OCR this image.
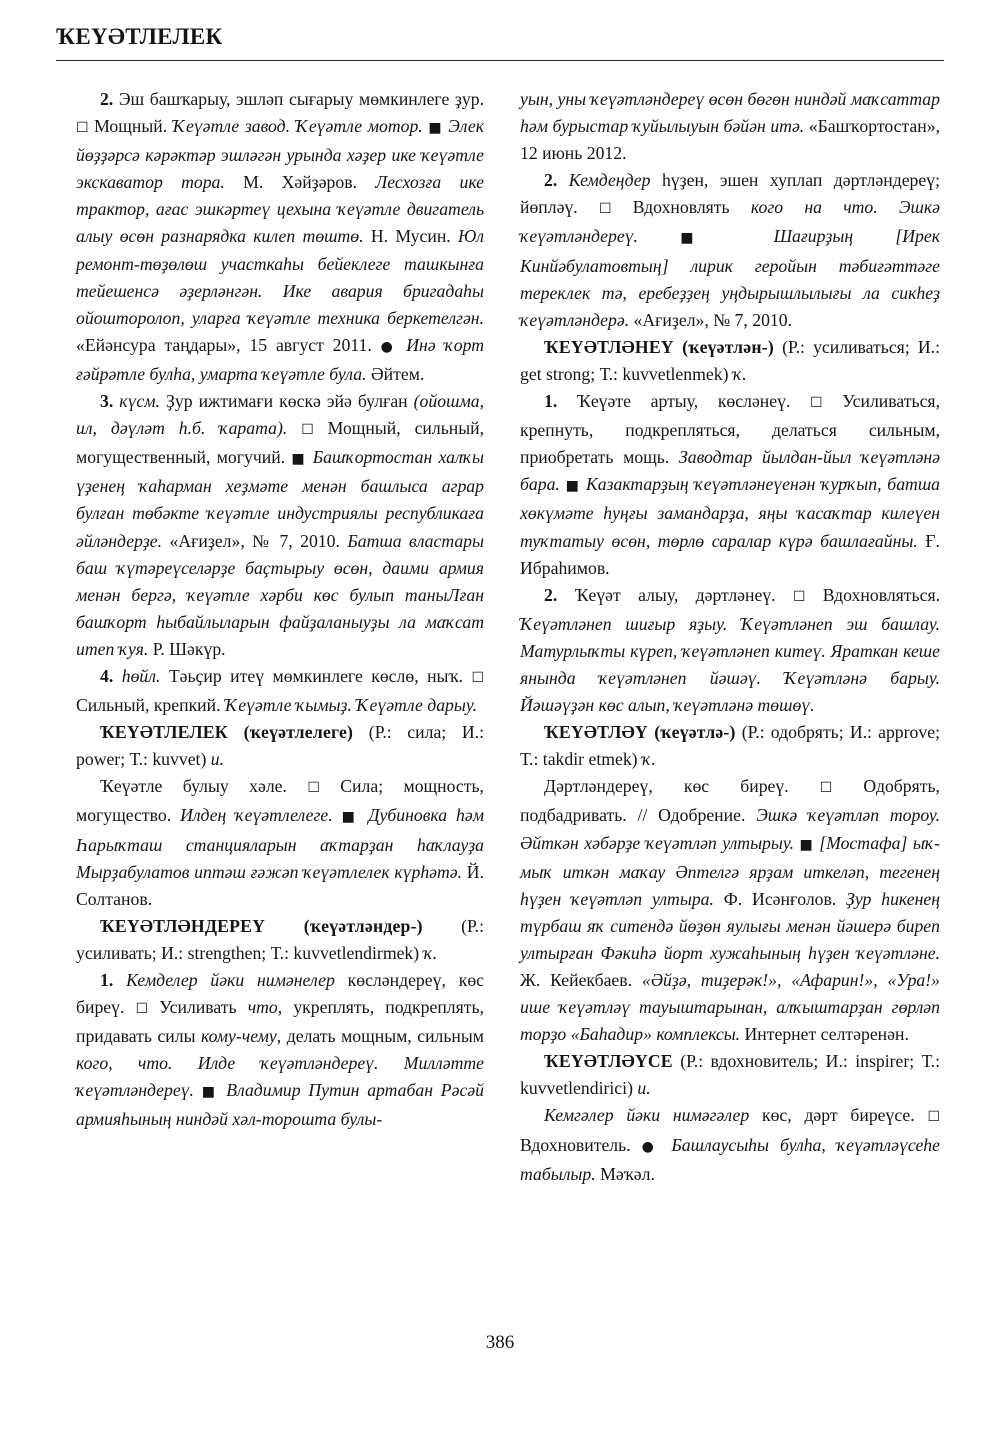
ҠЕҮӘТЛЕЛЕК

2. Эш башҡарыу, эшләп сығарыу мөмкинлеге ҙур. ☐ Мощный. Ҡеүәтле завод. Ҡеүәтле мотор. ■ Элек йөҙҙәрсә кәрәктәр эшләгән урында хәҙер ике ҡеүәтле экскаватор тора. М. Хәйҙәров. Лесхозға ике трактор, ағас эшкәртеү цехына ҡеүәтле двигатель алыу өсөн разнарядка килеп төштө. Н. Мусин. Юл ремонт-төҙөлөш участкаһы бейеклеге ташкынға тейешенсә әҙерләнгән. Ике авария бригадаһы ойошторолоп, уларға ҡеүәтле техника беркетелгән. «Ейәнсура таңдары», 15 август 2011. ● Инә ҡорт ғәйрәтле булһа, умарта ҡеүәтле була. Әйтем.

3. күсм. Ҙур ижтимағи көскә эйә булған (ойошма, ил, дәүләт һ.б. ҡарата). ☐ Мощный, сильный, могущественный, могучий. ■ Башҡортостан халҡы үҙенең ҡаһарман хеҙмәте менән башлыса аграр булған төбәкте ҡеүәтле индустриялы республикаға әйләндерҙе. «Ағиҙел», № 7, 2010. Батша властары баш ҡүтәреүселәрҙе баҫтырыу өсөн, даими армия менән бергә, ҡеүәтле хәрби көс булып таныЛған башҡорт һыбайлыларын файҙаланыуҙы ла маҡсат итеп ҡуя. Р. Шәкүр.

4. һөйл. Тәьҫир итеү мөмкинлеге көслө, ныҡ. ☐ Сильный, крепкий. Ҡеүәтле ҡымыҙ. Ҡеүәтле дарыу.

ҠЕҮӘТЛЕЛЕК (ҡеүәтлелеге) (Р.: сила; И.: power; Т.: kuvvet) и.

Ҡеүәтле булыу хәле. ☐ Сила; мощность, могущество. Илдең ҡеүәтлелеге. ■ Дубиновка һәм Һарыҡташ станцияларын аҡтарҙан һаҡлауҙа Мырҙабулатов иптәш ғәжәп ҡеүәтлелек күрһәтә. Й. Солтанов.

ҠЕҮӘТЛӘНДЕРЕҮ (ҡеүәтләндер-) (Р.: усиливать; И.: strengthen; Т.: kuvvetlendirmek) ҡ.

1. Кемделер йәки нимәнелер көсләндереү, көс биреү. ☐ Усиливать что, укреплять, подкреплять, придавать силы кому-чему, делать мощным, сильным кого, что. Илде ҡеүәтләндереү. Милләтте ҡеүәтләндереү. ■ Владимир Путин артабан Рәсәй армияһының ниндәй хәл-торошта булы-

уын, уны ҡеүәтләндереү өсөн бөгөн ниндәй маҡсаттар һәм бурыстар ҡуйылыуын бәйән итә. «Башҡортостан», 12 июнь 2012.

2. Кемдеңдер һүҙен, эшен хуплап дәртләндереү; йөпләү. ☐ Вдохновлять кого на что. Эшкә ҡеүәтләндереү.	■ Шағирҙың [Ирек Кинйәбулатовтың] лирик геройын тәбиғәттәге тереклек тә, еребеҙҙең уңдырышлылығы ла сикһеҙ ҡеүәтләндерә. «Ағиҙел», № 7, 2010.

ҠЕҮӘТЛӘНЕҮ (ҡеүәтлән-) (Р.: усиливаться; И.: get strong; Т.: kuvvetlenmek) ҡ.

1. Ҡеүәте артыу, көсләнеү. ☐ Усиливаться, крепнуть, подкрепляться, делаться сильным, приобретать мощь. Заводтар йылдан-йыл ҡеүәтләнә бара. ■ Казактарҙың ҡеүәтләнеүенән ҡурҡып, батша хөкүмәте һуңғы замандарҙа, яңы ҡасаҡтар килеүен туҡтатыу өсөн, төрлө саралар күрә башлағайны. Ғ. Ибраһимов.

2. Ҡеүәт алыу, дәртләнеү. ☐ Вдохновляться. Ҡеүәтләнеп шиғыр яҙыу. Ҡеүәтләнеп эш башлау. Матурлыҡты күреп, ҡеүәтләнеп китеү. Яраткан кеше янында ҡеүәтләнеп йәшәү. Ҡеүәтләнә барыу. Йәшәүҙән көс алып, ҡеүәтләнә төшөү.

ҠЕҮӘТЛӘҮ (ҡеүәтлә-) (Р.: одобрять; И.: approve; Т.: takdir etmek) ҡ.

Дәртләндереү, көс биреү. ☐ Одобрять, подбадривать. // Одобрение. Эшкә ҡеүәтләп тороу. Әйткән хәбәрҙе ҡеүәтләп ултырыу. ■ [Мостафа] ыҡ-мыҡ иткән маҡау Әптелгә ярҙам иткеләп, тегенең һүҙен ҡеүәтләп ултыра. Ф. Исәнғолов. Ҙур һикенең түрбаш яҡ ситендә йөҙөн яулығы менән йәшерә биреп ултырған Фәкиһә йорт хужаһының һүҙен ҡеүәтләне. Ж. Кейекбаев. «Әйҙә, тиҙерәк!», «Афарин!», «Ура!» ише ҡеүәтләү тауыштарынан, алҡыштарҙан гөрләп торҙо «Баһадир» комплексы. Интернет селтәренән.

ҠЕҮӘТЛӘҮСЕ (Р.: вдохновитель; И.: inspirer; Т.: kuvvetlendirici) и.

Кемгәлер йәки нимәгәлер көс, дәрт биреүсе. ☐ Вдохновитель. ● Башлаусыһы булһа, ҡеүәтләүсеһе табылыр. Мәҡәл.

386
